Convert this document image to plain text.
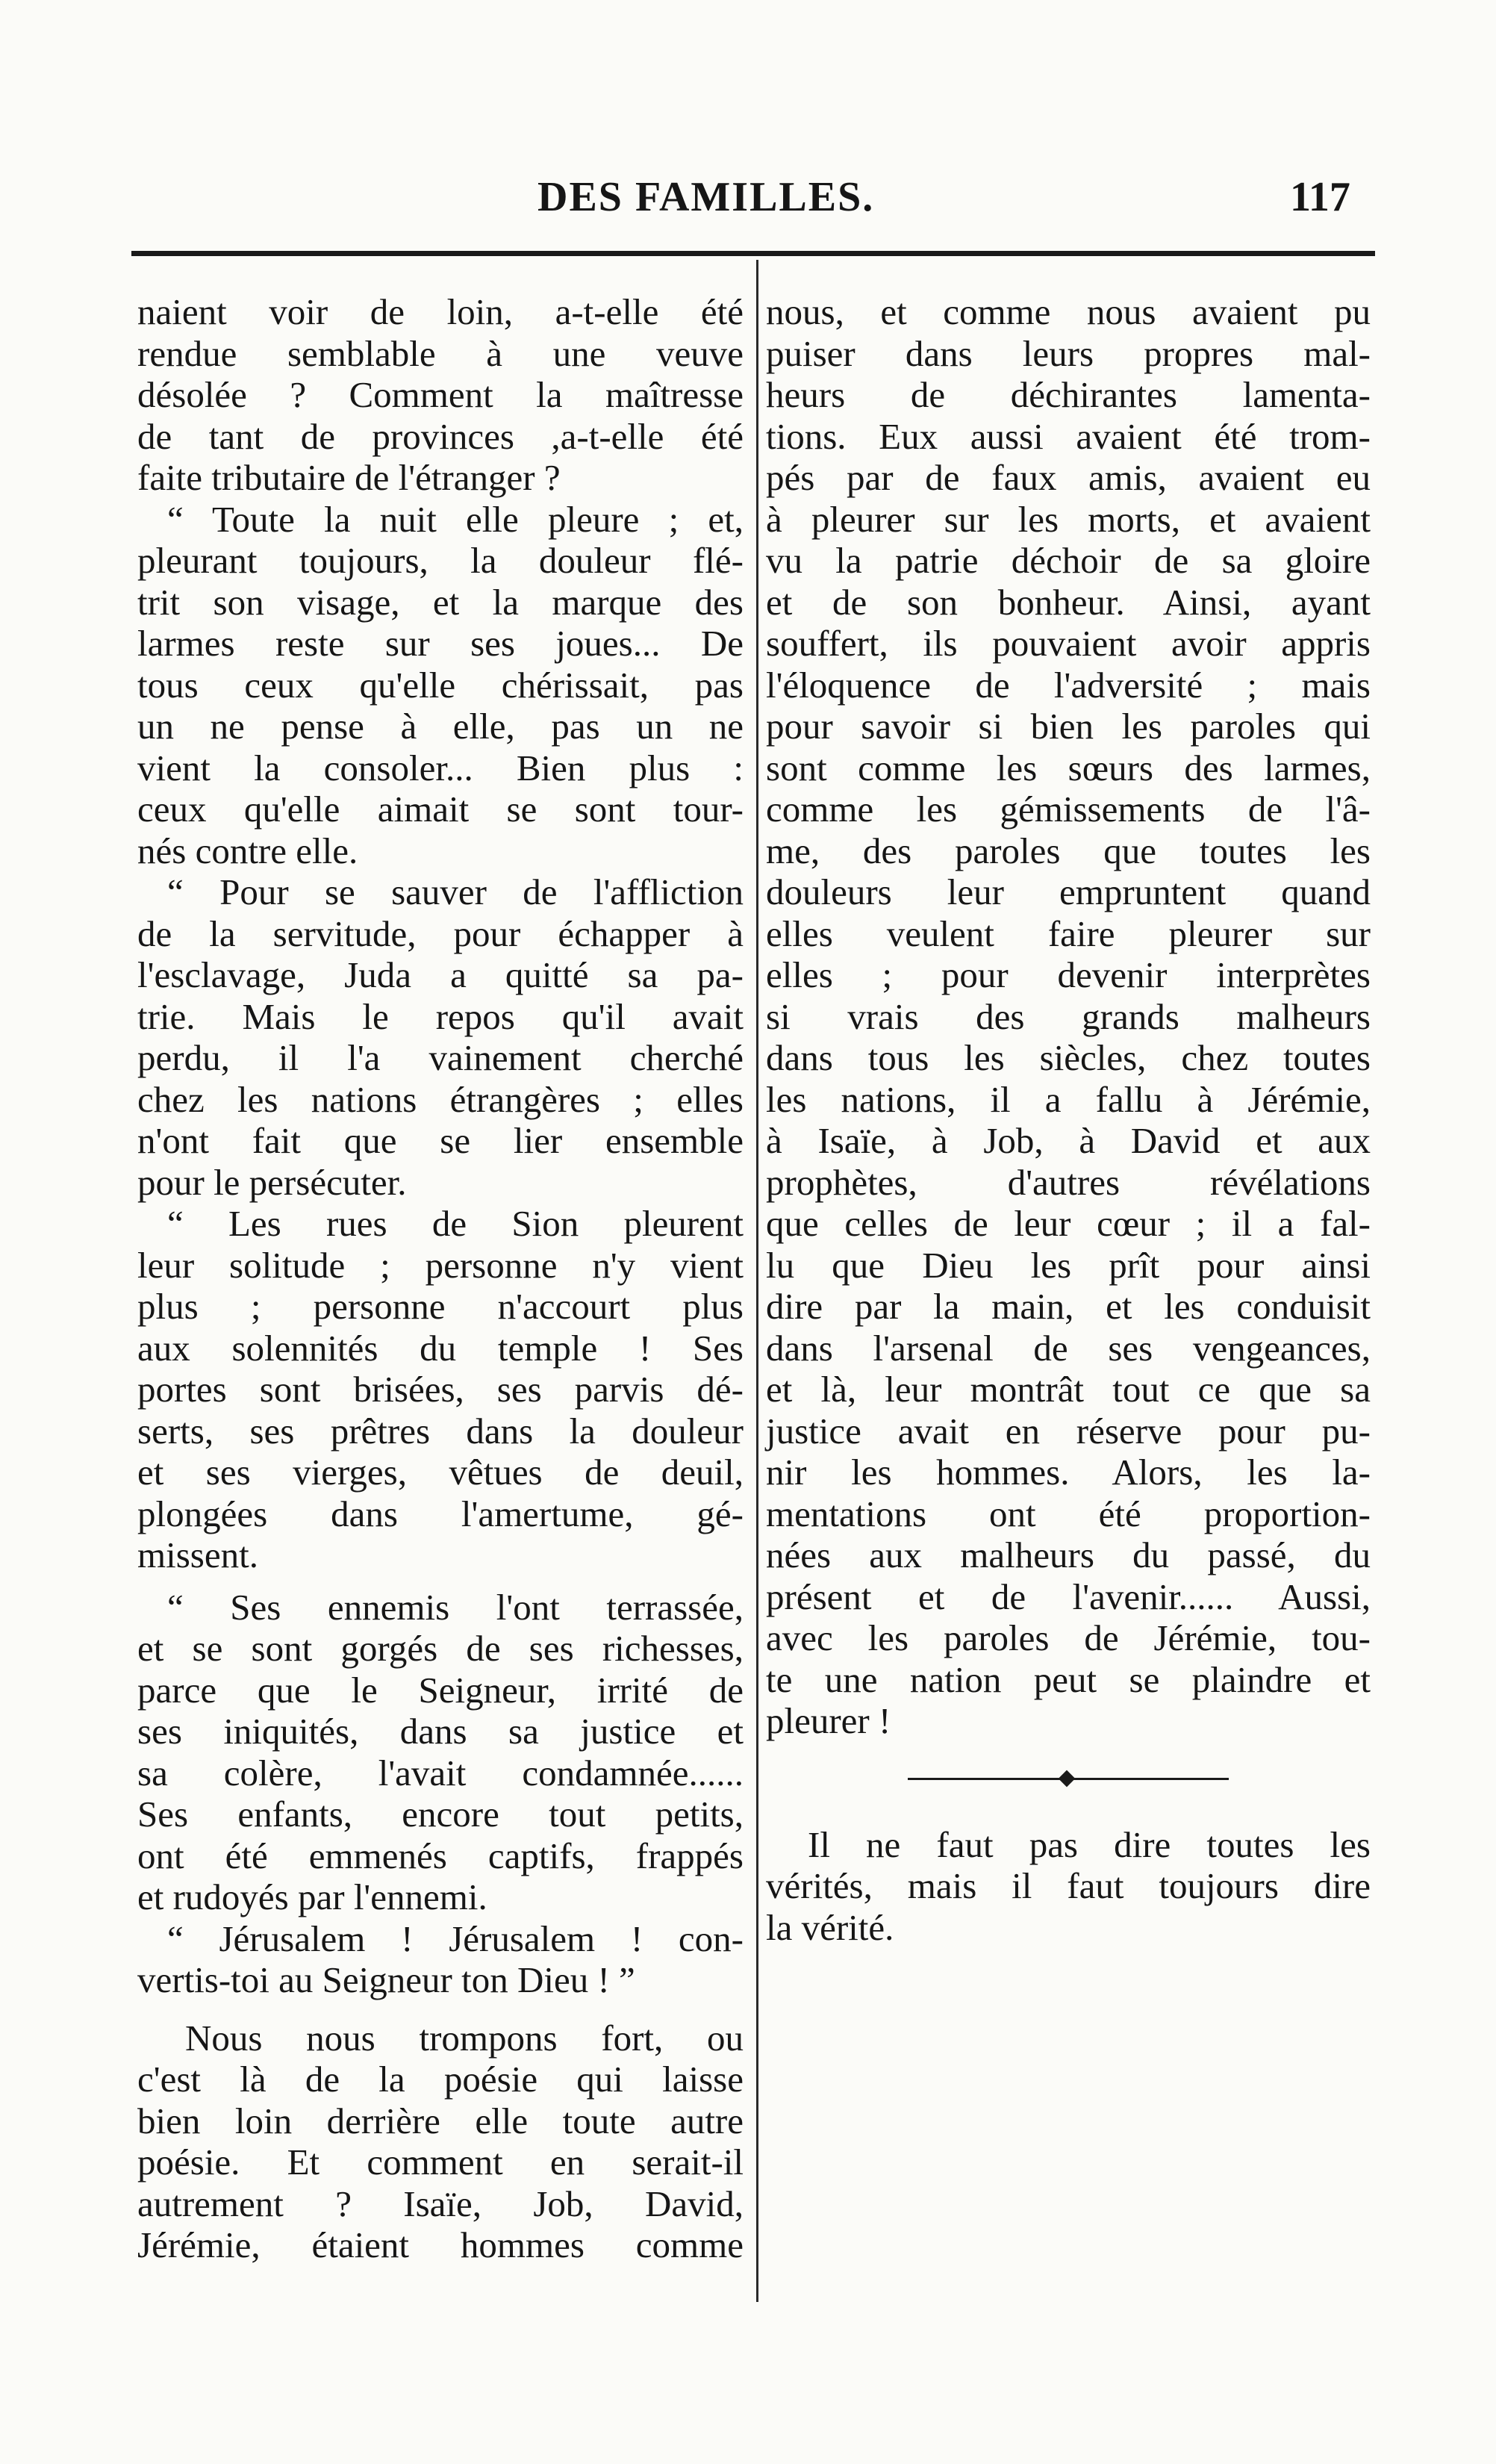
DES FAMILLES.	117
naient voir de loin, a-t-elle été
rendue semblable à une veuve
désolée ? Comment la maîtresse
de tant de provinces ,a-t-elle été
faite tributaire de l'étranger ?
“ Toute la nuit elle pleure ; et,
pleurant toujours, la douleur flé-
trit son visage, et la marque des
larmes reste sur ses joues... De
tous ceux qu'elle chérissait, pas
un ne pense à elle, pas un ne
vient la consoler... Bien plus :
ceux qu'elle aimait se sont tour-
nés contre elle.
“ Pour se sauver de l'affliction
de la servitude, pour échapper à
l'esclavage, Juda a quitté sa pa-
trie. Mais le repos qu'il avait
perdu, il l'a vainement cherché
chez les nations étrangères ; elles
n'ont fait que se lier ensemble
pour le persécuter.
“ Les rues de Sion pleurent
leur solitude ; personne n'y vient
plus ; personne n'accourt plus
aux solennités du temple ! Ses
portes sont brisées, ses parvis dé-
serts, ses prêtres dans la douleur
et ses vierges, vêtues de deuil,
plongées dans l'amertume, gé-
missent.
“ Ses ennemis l'ont terrassée,
et se sont gorgés de ses richesses,
parce que le Seigneur, irrité de
ses iniquités, dans sa justice et
sa colère, l'avait condamnée......
Ses enfants, encore tout petits,
ont été emmenés captifs, frappés
et rudoyés par l'ennemi.
“ Jérusalem ! Jérusalem ! con-
vertis-toi au Seigneur ton Dieu ! ”
Nous nous trompons fort, ou
c'est là de la poésie qui laisse
bien loin derrière elle toute autre
poésie. Et comment en serait-il
autrement ? Isaïe, Job, David,
Jérémie, étaient hommes comme
nous, et comme nous avaient pu
puiser dans leurs propres mal-
heurs de déchirantes lamenta-
tions. Eux aussi avaient été trom-
pés par de faux amis, avaient eu
à pleurer sur les morts, et avaient
vu la patrie déchoir de sa gloire
et de son bonheur. Ainsi, ayant
souffert, ils pouvaient avoir appris
l'éloquence de l'adversité ; mais
pour savoir si bien les paroles qui
sont comme les sœurs des larmes,
comme les gémissements de l'â-
me, des paroles que toutes les
douleurs leur empruntent quand
elles veulent faire pleurer sur
elles ; pour devenir interprètes
si vrais des grands malheurs
dans tous les siècles, chez toutes
les nations, il a fallu à Jérémie,
à Isaïe, à Job, à David et aux
prophètes, d'autres révélations
que celles de leur cœur ; il a fal-
lu que Dieu les prît pour ainsi
dire par la main, et les conduisit
dans l'arsenal de ses vengeances,
et là, leur montrât tout ce que sa
justice avait en réserve pour pu-
nir les hommes. Alors, les la-
mentations ont été proportion-
nées aux malheurs du passé, du
présent et de l'avenir...... Aussi,
avec les paroles de Jérémie, tou-
te une nation peut se plaindre et
pleurer !
Il ne faut pas dire toutes les
vérités, mais il faut toujours dire
la vérité.
